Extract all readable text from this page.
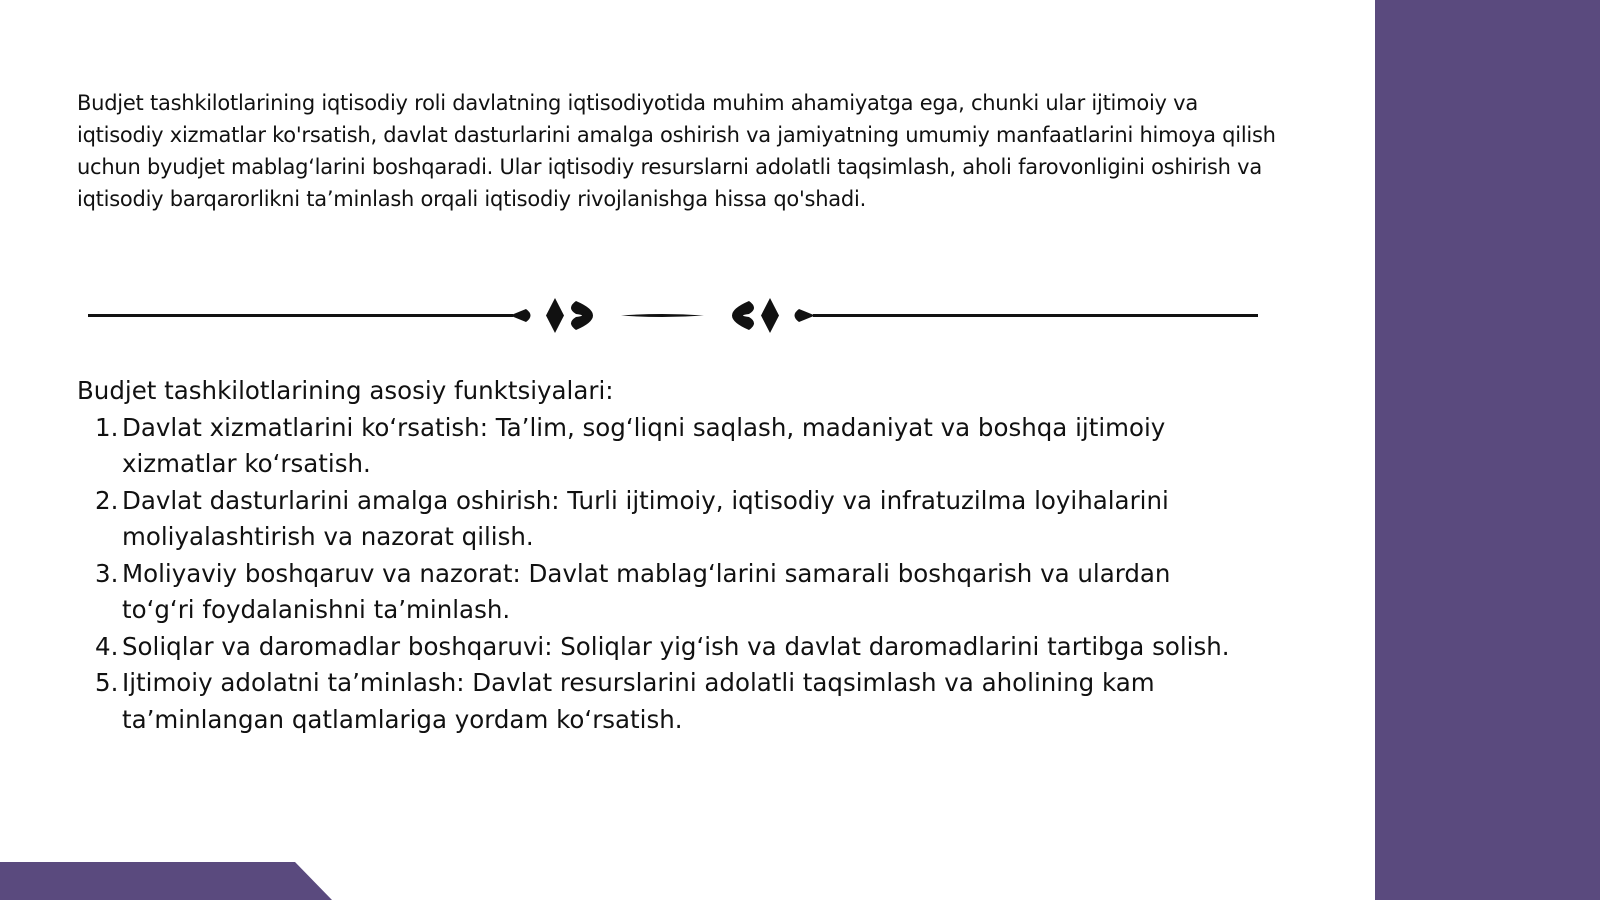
Budjet tashkilotlarining iqtisodiy roli davlatning iqtisodiyotida muhim ahamiyatga ega, chunki ular ijtimoiy va iqtisodiy xizmatlar ko'rsatish, davlat dasturlarini amalga oshirish va jamiyatning umumiy manfaatlarini himoya qilish uchun byudjet mablag‘larini boshqaradi. Ular iqtisodiy resurslarni adolatli taqsimlash, aholi farovonligini oshirish va iqtisodiy barqarorlikni ta’minlash orqali iqtisodiy rivojlanishga hissa qo'shadi.

Budjet tashkilotlarining asosiy funktsiyalari:

1. Davlat xizmatlarini ko‘rsatish: Ta’lim, sog‘liqni saqlash, madaniyat va boshqa ijtimoiy xizmatlar ko‘rsatish.
2. Davlat dasturlarini amalga oshirish: Turli ijtimoiy, iqtisodiy va infratuzilma loyihalarini moliyalashtirish va nazorat qilish.
3. Moliyaviy boshqaruv va nazorat: Davlat mablag‘larini samarali boshqarish va ulardan to‘g‘ri foydalanishni ta’minlash.
4. Soliqlar va daromadlar boshqaruvi: Soliqlar yig‘ish va davlat daromadlarini tartibga solish.
5. Ijtimoiy adolatni ta’minlash: Davlat resurslarini adolatli taqsimlash va aholining kam ta’minlangan qatlamlariga yordam ko‘rsatish.
